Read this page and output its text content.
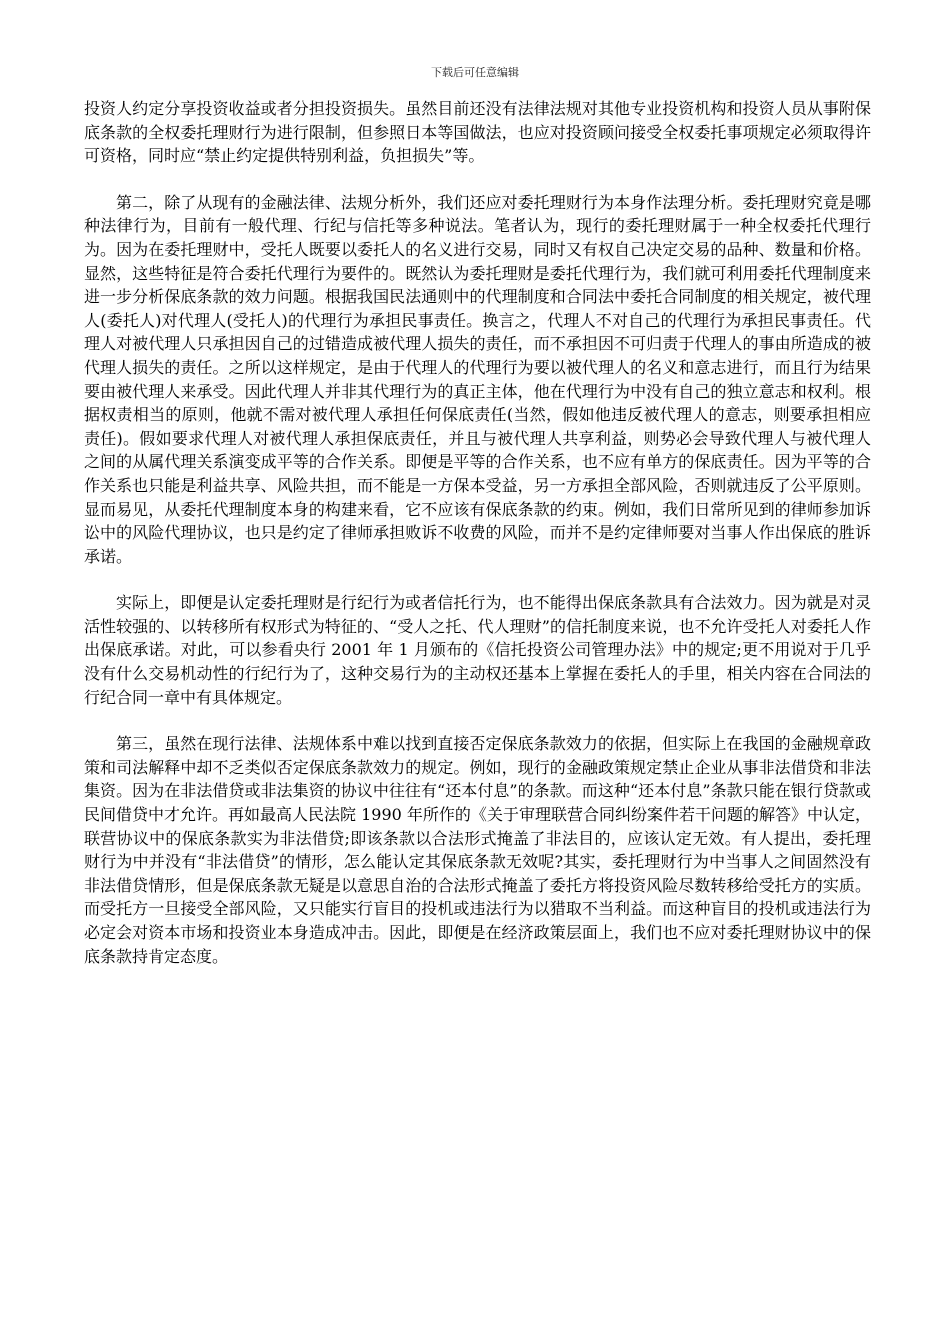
下载后可任意编辑

投资人约定分享投资收益或者分担投资损失。虽然目前还没有法律法规对其他专业投资机构和投资人员从事附保底条款的全权委托理财行为进行限制，但参照日本等国做法，也应对投资顾问接受全权委托事项规定必须取得许可资格，同时应“禁止约定提供特别利益，负担损失”等。

第二，除了从现有的金融法律、法规分析外，我们还应对委托理财行为本身作法理分析。委托理财究竟是哪种法律行为，目前有一般代理、行纪与信托等多种说法。笔者认为，现行的委托理财属于一种全权委托代理行为。因为在委托理财中，受托人既要以委托人的名义进行交易，同时又有权自己决定交易的品种、数量和价格。显然，这些特征是符合委托代理行为要件的。既然认为委托理财是委托代理行为，我们就可利用委托代理制度来进一步分析保底条款的效力问题。根据我国民法通则中的代理制度和合同法中委托合同制度的相关规定，被代理人(委托人)对代理人(受托人)的代理行为承担民事责任。换言之，代理人不对自己的代理行为承担民事责任。代理人对被代理人只承担因自己的过错造成被代理人损失的责任，而不承担因不可归责于代理人的事由所造成的被代理人损失的责任。之所以这样规定，是由于代理人的代理行为要以被代理人的名义和意志进行，而且行为结果要由被代理人来承受。因此代理人并非其代理行为的真正主体，他在代理行为中没有自己的独立意志和权利。根据权责相当的原则，他就不需对被代理人承担任何保底责任(当然，假如他违反被代理人的意志，则要承担相应责任)。假如要求代理人对被代理人承担保底责任，并且与被代理人共享利益，则势必会导致代理人与被代理人之间的从属代理关系演变成平等的合作关系。即便是平等的合作关系，也不应有单方的保底责任。因为平等的合作关系也只能是利益共享、风险共担，而不能是一方保本受益，另一方承担全部风险，否则就违反了公平原则。显而易见，从委托代理制度本身的构建来看，它不应该有保底条款的约束。例如，我们日常所见到的律师参加诉讼中的风险代理协议，也只是约定了律师承担败诉不收费的风险，而并不是约定律师要对当事人作出保底的胜诉承诺。

实际上，即便是认定委托理财是行纪行为或者信托行为，也不能得出保底条款具有合法效力。因为就是对灵活性较强的、以转移所有权形式为特征的、“受人之托、代人理财”的信托制度来说，也不允许受托人对委托人作出保底承诺。对此，可以参看央行 2001 年 1 月颁布的《信托投资公司管理办法》中的规定;更不用说对于几乎没有什么交易机动性的行纪行为了，这种交易行为的主动权还基本上掌握在委托人的手里，相关内容在合同法的行纪合同一章中有具体规定。

第三，虽然在现行法律、法规体系中难以找到直接否定保底条款效力的依据，但实际上在我国的金融规章政策和司法解释中却不乏类似否定保底条款效力的规定。例如，现行的金融政策规定禁止企业从事非法借贷和非法集资。因为在非法借贷或非法集资的协议中往往有“还本付息”的条款。而这种“还本付息”条款只能在银行贷款或民间借贷中才允许。再如最高人民法院 1990 年所作的《关于审理联营合同纠纷案件若干问题的解答》中认定，联营协议中的保底条款实为非法借贷;即该条款以合法形式掩盖了非法目的，应该认定无效。有人提出，委托理财行为中并没有“非法借贷”的情形，怎么能认定其保底条款无效呢?其实，委托理财行为中当事人之间固然没有非法借贷情形，但是保底条款无疑是以意思自治的合法形式掩盖了委托方将投资风险尽数转移给受托方的实质。而受托方一旦接受全部风险，又只能实行盲目的投机或违法行为以猎取不当利益。而这种盲目的投机或违法行为必定会对资本市场和投资业本身造成冲击。因此，即便是在经济政策层面上，我们也不应对委托理财协议中的保底条款持肯定态度。
